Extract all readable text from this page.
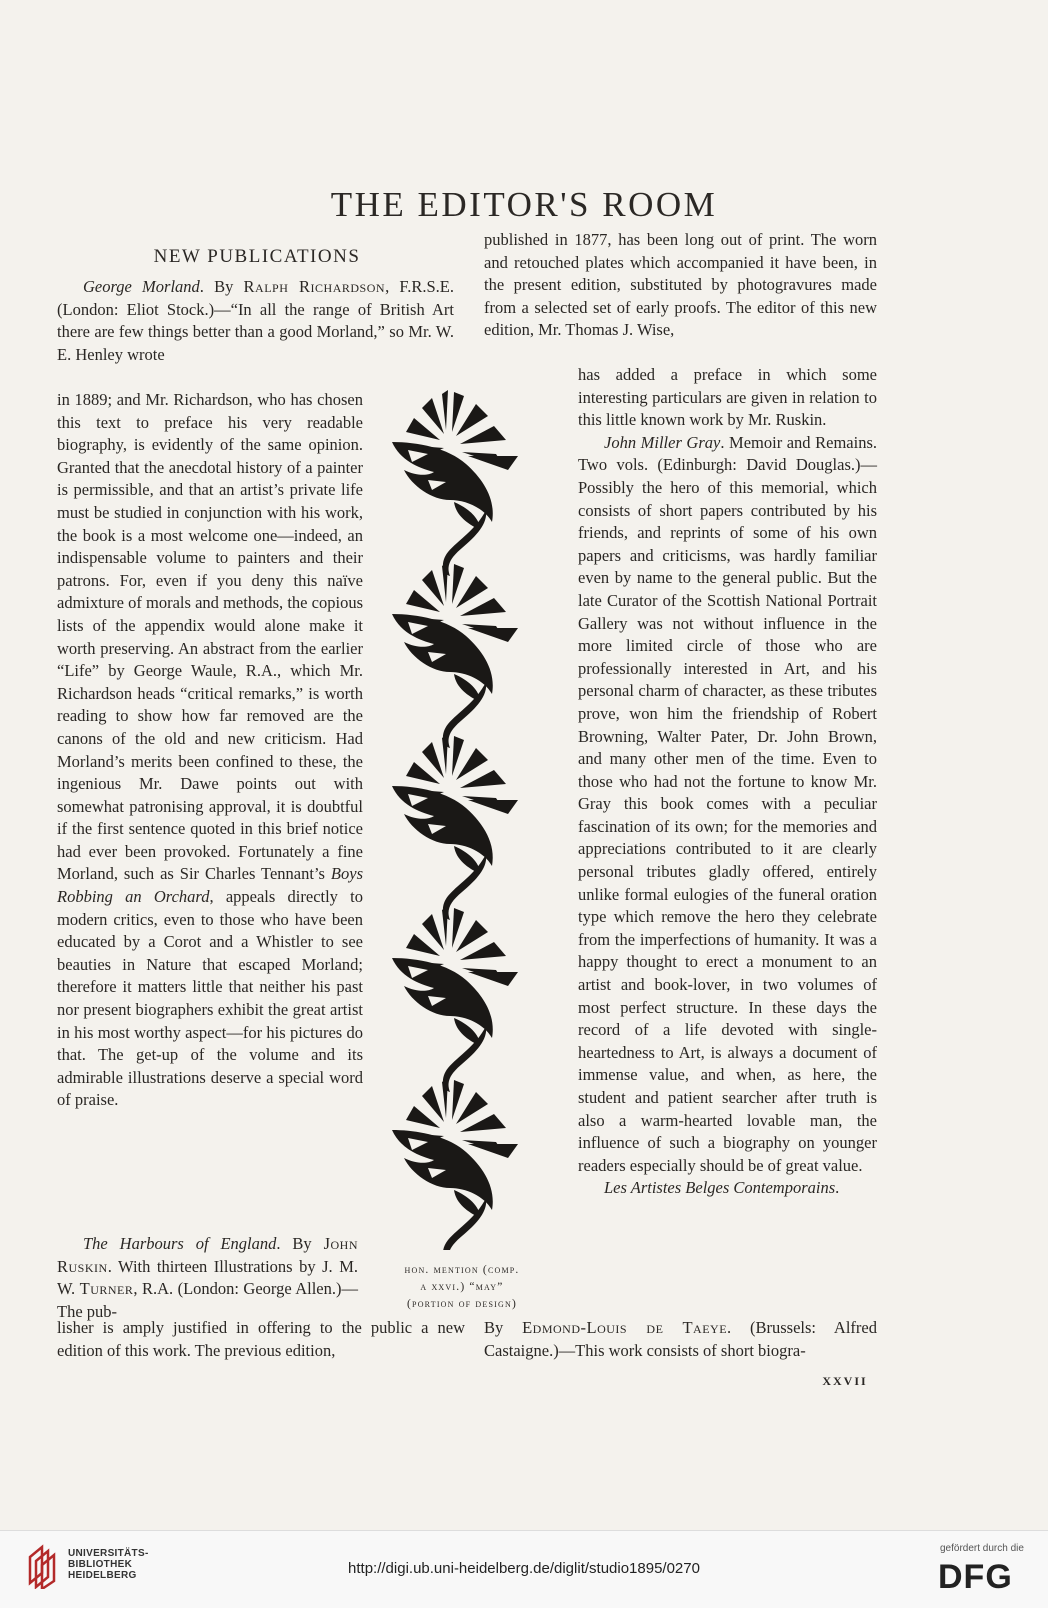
THE EDITOR'S ROOM
NEW PUBLICATIONS

George Morland. By Ralph Richardson, F.R.S.E. (London: Eliot Stock.)—“In all the range of British Art there are few things better than a good Morland,” so Mr. W. E. Henley wrote

in 1889; and Mr. Richardson, who has chosen this text to preface his very readable biography, is evidently of the same opinion. Granted that the anecdotal history of a painter is permissible, and that an artist’s private life must be studied in conjunction with his work, the book is a most welcome one—indeed, an indispensable volume to painters and their patrons. For, even if you deny this naïve admixture of morals and methods, the copious lists of the appendix would alone make it worth preserving. An abstract from the earlier “Life” by George Waule, R.A., which Mr. Richardson heads “critical remarks,” is worth reading to show how far removed are the canons of the old and new criticism. Had Morland’s merits been confined to these, the ingenious Mr. Dawe points out with somewhat patronising approval, it is doubtful if the first sentence quoted in this brief notice had ever been provoked. Fortunately a fine Morland, such as Sir Charles Tennant’s Boys Robbing an Orchard, appeals directly to modern critics, even to those who have been educated by a Corot and a Whistler to see beauties in Nature that escaped Morland; therefore it matters little that neither his past nor present biographers exhibit the great artist in his most worthy aspect—for his pictures do that. The get-up of the volume and its admirable illustrations deserve a special word of praise.

The Harbours of England. By John Ruskin. With thirteen Illustrations by J. M. W. Turner, R.A. (London: George Allen.)—The pub-

lisher is amply justified in offering to the public a new edition of this work. The previous edition,

published in 1877, has been long out of print. The worn and retouched plates which accompanied it have been, in the present edition, substituted by photogravures made from a selected set of early proofs. The editor of this new edition, Mr. Thomas J. Wise,

has added a preface in which some interesting particulars are given in relation to this little known work by Mr. Ruskin.

John Miller Gray. Memoir and Remains. Two vols. (Edinburgh: David Douglas.)—Possibly the hero of this memorial, which consists of short papers contributed by his friends, and reprints of some of his own papers and criticisms, was hardly familiar even by name to the general public. But the late Curator of the Scottish National Portrait Gallery was not without influence in the more limited circle of those who are professionally interested in Art, and his personal charm of character, as these tributes prove, won him the friendship of Robert Browning, Walter Pater, Dr. John Brown, and many other men of the time. Even to those who had not the fortune to know Mr. Gray this book comes with a peculiar fascination of its own; for the memories and appreciations contributed to it are clearly personal tributes gladly offered, entirely unlike formal eulogies of the funeral oration type which remove the hero they celebrate from the imperfections of humanity. It was a happy thought to erect a monument to an artist and book-lover, in two volumes of most perfect structure. In these days the record of a life devoted with single-heartedness to Art, is always a document of immense value, and when, as here, the student and patient searcher after truth is also a warm-hearted lovable man, the influence of such a biography on younger readers especially should be of great value.

Les Artistes Belges Contemporains.

By Edmond-Louis de Taeye. (Brussels: Alfred Castaigne.)—This work consists of short biogra-

hon. mention (comp.
a xxvi.) “may”
(portion of design)
XXVII
UNIVERSITÄTS-
BIBLIOTHEK
HEIDELBERG	http://digi.ub.uni-heidelberg.de/diglit/studio1895/0270
gefördert durch die
DFG
